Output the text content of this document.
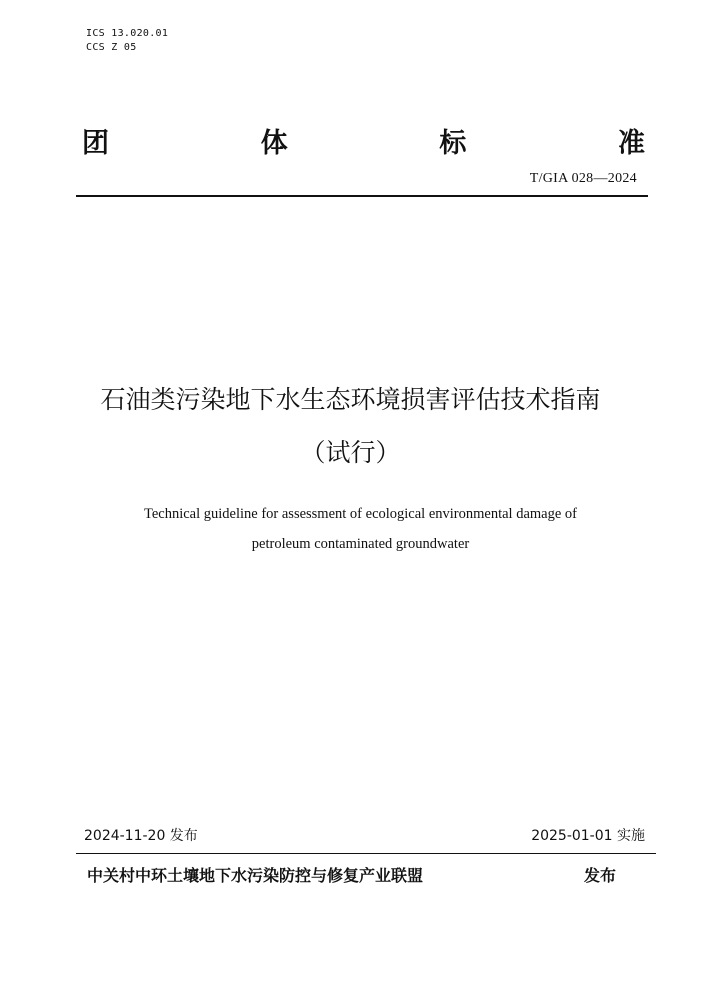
ICS 13.020.01
CCS Z 05
团	体	标	准
T/GIA 028—2024
石油类污染地下水生态环境损害评估技术指南
（试行）
Technical guideline for assessment of ecological environmental damage of
petroleum contaminated groundwater
2024-11-20 发布	2025-01-01 实施
中关村中环土壤地下水污染防控与修复产业联盟	发布
